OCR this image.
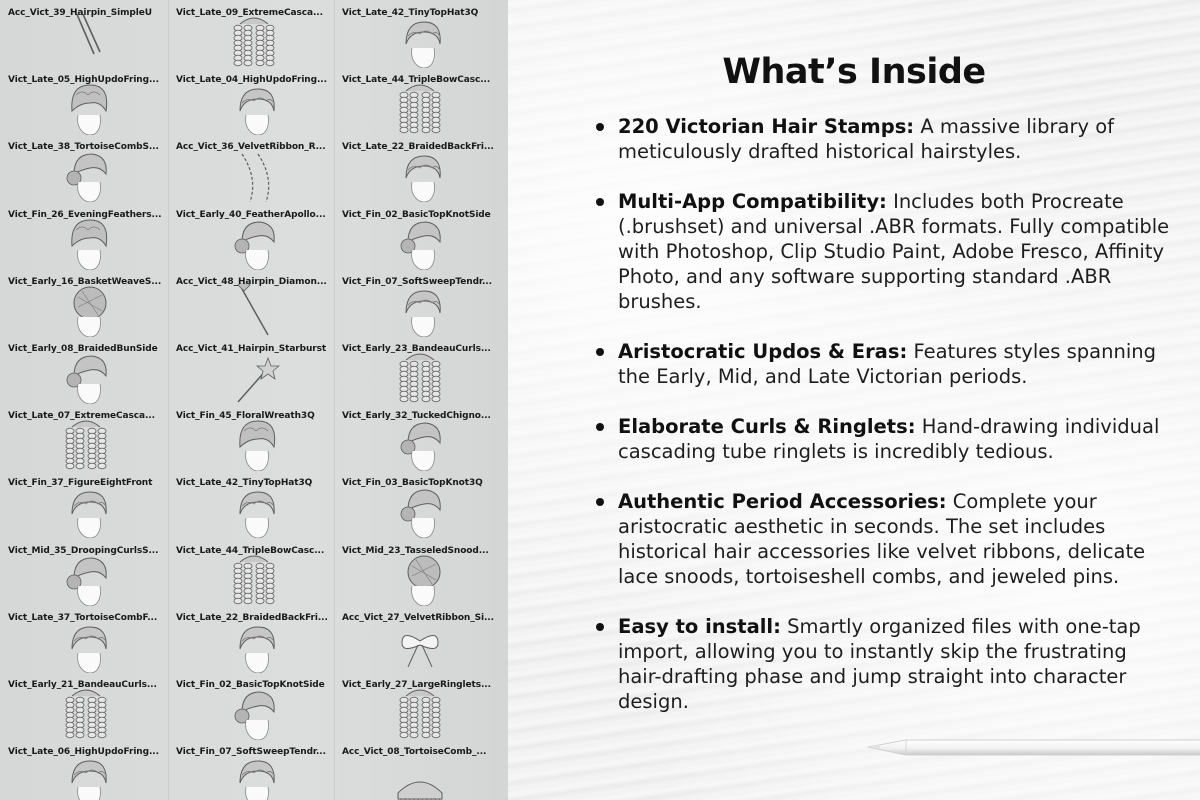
Acc_Vict_39_Hairpin_SimpleU
Vict_Late_05_HighUpdoFring...
Vict_Late_38_TortoiseCombS...
Vict_Fin_26_EveningFeathers...
Vict_Early_16_BasketWeaveS...
Vict_Early_08_BraidedBunSide
Vict_Late_07_ExtremeCasca...
Vict_Fin_37_FigureEightFront
Vict_Mid_35_DroopingCurlsS...
Vict_Late_37_TortoiseCombF...
Vict_Early_21_BandeauCurls...
Vict_Late_06_HighUpdoFring...
Vict_Late_09_ExtremeCasca...
Vict_Late_04_HighUpdoFring...
Acc_Vict_36_VelvetRibbon_R...
Vict_Early_40_FeatherApollo...
Acc_Vict_48_Hairpin_Diamon...
Acc_Vict_41_Hairpin_Starburst
Vict_Fin_45_FloralWreath3Q
Vict_Late_42_TinyTopHat3Q
Vict_Late_44_TripleBowCasc...
Vict_Late_22_BraidedBackFri...
Vict_Fin_02_BasicTopKnotSide
Vict_Fin_07_SoftSweepTendr...
Vict_Late_42_TinyTopHat3Q
Vict_Late_44_TripleBowCasc...
Vict_Late_22_BraidedBackFri...
Vict_Fin_02_BasicTopKnotSide
Vict_Fin_07_SoftSweepTendr...
Vict_Early_23_BandeauCurls...
Vict_Early_32_TuckedChigno...
Vict_Fin_03_BasicTopKnot3Q
Vict_Mid_23_TasseledSnood...
Acc_Vict_27_VelvetRibbon_Si...
Vict_Early_27_LargeRinglets...
Acc_Vict_08_TortoiseComb_...
What’s Inside
220 Victorian Hair Stamps: A massive library of meticulously drafted historical hairstyles.
Multi-App Compatibility: Includes both Procreate (.brushset) and universal .ABR formats. Fully compatible with Photoshop, Clip Studio Paint, Adobe Fresco, Affinity Photo, and any software supporting standard .ABR brushes.
Aristocratic Updos & Eras: Features styles spanning the Early, Mid, and Late Victorian periods.
Elaborate Curls & Ringlets: Hand-drawing individual cascading tube ringlets is incredibly tedious.
Authentic Period Accessories: Complete your aristocratic aesthetic in seconds. The set includes historical hair accessories like velvet ribbons, delicate lace snoods, tortoiseshell combs, and jeweled pins.
Easy to install: Smartly organized files with one-tap import, allowing you to instantly skip the frustrating hair-drafting phase and jump straight into character design.
